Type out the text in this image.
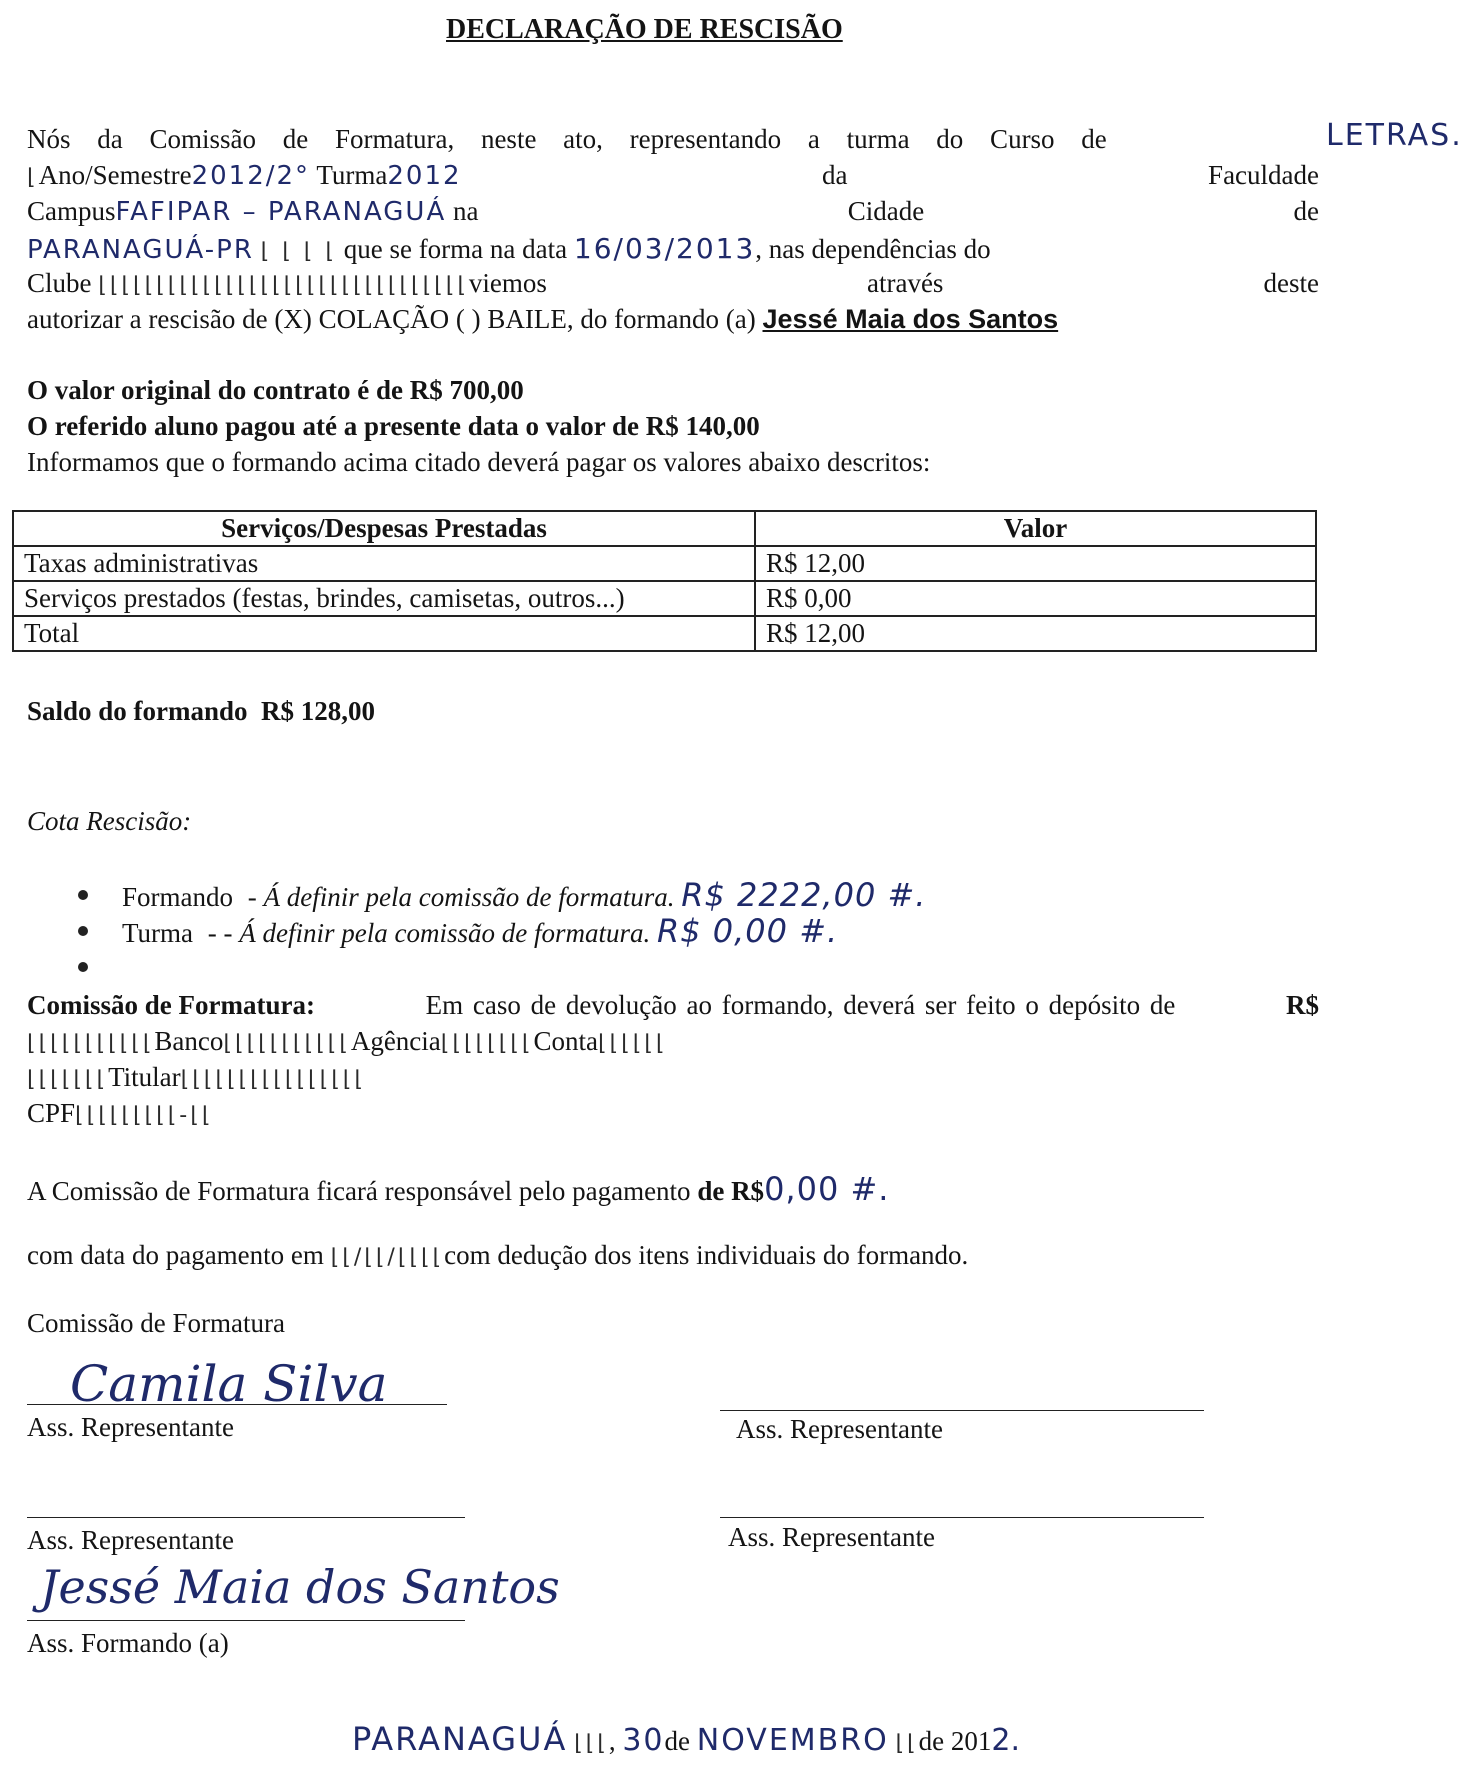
DECLARAÇÃO DE RESCISÃO
Nós da Comissão de Formatura, neste ato, representando a turma do Curso de	LETRAS.
⌊Ano/Semestre2012/2° Turma2012	da	Faculdade
CampusFAFIPAR – PARANAGUÁ na	Cidade	de
PARANAGUÁ-PR ⌊ ⌊ ⌊ ⌊ que se forma na data 16/03/2013, nas dependências do
Clube ⌊⌊⌊⌊⌊⌊⌊⌊⌊⌊⌊⌊⌊⌊⌊⌊⌊⌊⌊⌊⌊⌊⌊⌊⌊⌊⌊⌊⌊⌊⌊⌊viemos	através	deste
autorizar a rescisão de (X) COLAÇÃO ( ) BAILE, do formando (a) Jessé Maia dos Santos
O valor original do contrato é de R$ 700,00
O referido aluno pagou até a presente data o valor de R$ 140,00
Informamos que o formando acima citado deverá pagar os valores abaixo descritos:
Serviços/Despesas Prestadas	Valor
Taxas administrativas	R$ 12,00
Serviços prestados (festas, brindes, camisetas, outros...)	R$ 0,00
Total	R$ 12,00
Saldo do formando  R$ 128,00
Cota Rescisão:
Formando - Á definir pela comissão de formatura. R$ 2222,00 #.
Turma - - Á definir pela comissão de formatura. R$ 0,00 #.
Comissão de Formatura:	Em caso de devolução ao formando, deverá ser feito o depósito de	R$
⌊⌊⌊⌊⌊⌊⌊⌊⌊⌊⌊Banco⌊⌊⌊⌊⌊⌊⌊⌊⌊⌊⌊Agência⌊⌊⌊⌊⌊⌊⌊⌊Conta⌊⌊⌊⌊⌊⌊
⌊⌊⌊⌊⌊⌊⌊Titular⌊⌊⌊⌊⌊⌊⌊⌊⌊⌊⌊⌊⌊⌊⌊⌊
CPF⌊⌊⌊⌊⌊⌊⌊⌊⌊-⌊⌊
A Comissão de Formatura ficará responsável pelo pagamento de R$0,00 #.
com data do pagamento em ⌊⌊/⌊⌊/⌊⌊⌊⌊com dedução dos itens individuais do formando.
Comissão de Formatura
Camila Silva
Ass. Representante	Ass. Representante
Ass. Representante	Ass. Representante
Jessé Maia dos Santos
Ass. Formando (a)
PARANAGUÁ ⌊⌊⌊, 30de NOVEMBRO ⌊⌊de 2012.
